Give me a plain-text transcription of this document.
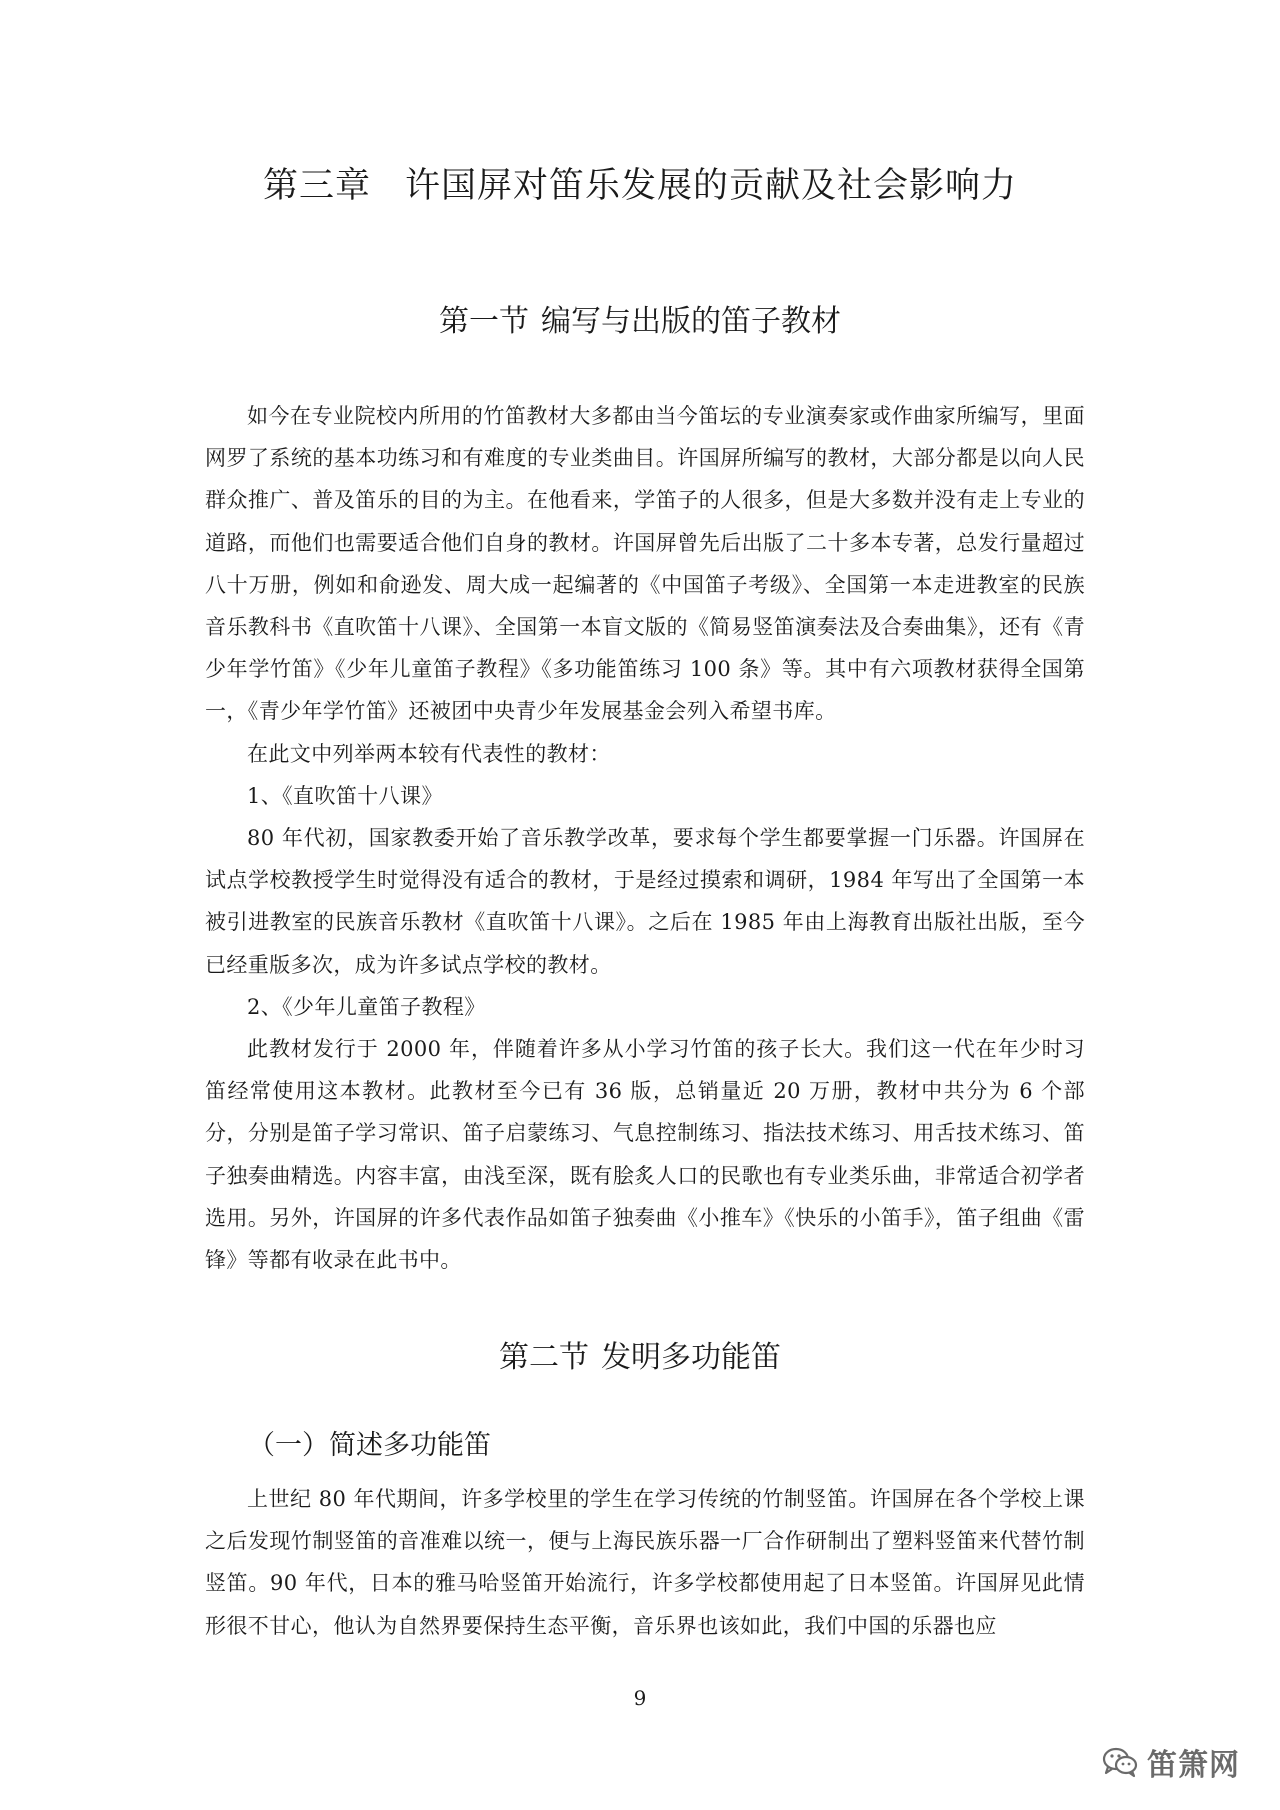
第三章 许国屏对笛乐发展的贡献及社会影响力
第一节 编写与出版的笛子教材

如今在专业院校内所用的竹笛教材大多都由当今笛坛的专业演奏家或作曲家所编写，里面网罗了系统的基本功练习和有难度的专业类曲目。许国屏所编写的教材，大部分都是以向人民群众推广、普及笛乐的目的为主。在他看来，学笛子的人很多，但是大多数并没有走上专业的道路，而他们也需要适合他们自身的教材。许国屏曾先后出版了二十多本专著，总发行量超过八十万册，例如和俞逊发、周大成一起编著的《中国笛子考级》、全国第一本走进教室的民族音乐教科书《直吹笛十八课》、全国第一本盲文版的《简易竖笛演奏法及合奏曲集》，还有《青少年学竹笛》《少年儿童笛子教程》《多功能笛练习 100 条》等。其中有六项教材获得全国第一，《青少年学竹笛》还被团中央青少年发展基金会列入希望书库。

在此文中列举两本较有代表性的教材：

1、《直吹笛十八课》

80 年代初，国家教委开始了音乐教学改革，要求每个学生都要掌握一门乐器。许国屏在试点学校教授学生时觉得没有适合的教材，于是经过摸索和调研，1984 年写出了全国第一本被引进教室的民族音乐教材《直吹笛十八课》。之后在 1985 年由上海教育出版社出版，至今已经重版多次，成为许多试点学校的教材。

2、《少年儿童笛子教程》

此教材发行于 2000 年，伴随着许多从小学习竹笛的孩子长大。我们这一代在年少时习笛经常使用这本教材。此教材至今已有 36 版，总销量近 20 万册，教材中共分为 6 个部分，分别是笛子学习常识、笛子启蒙练习、气息控制练习、指法技术练习、用舌技术练习、笛子独奏曲精选。内容丰富，由浅至深，既有脍炙人口的民歌也有专业类乐曲，非常适合初学者选用。另外，许国屏的许多代表作品如笛子独奏曲《小推车》《快乐的小笛手》，笛子组曲《雷锋》等都有收录在此书中。

第二节 发明多功能笛
（一）简述多功能笛

上世纪 80 年代期间，许多学校里的学生在学习传统的竹制竖笛。许国屏在各个学校上课之后发现竹制竖笛的音准难以统一，便与上海民族乐器一厂合作研制出了塑料竖笛来代替竹制竖笛。90 年代，日本的雅马哈竖笛开始流行，许多学校都使用起了日本竖笛。许国屏见此情形很不甘心，他认为自然界要保持生态平衡，音乐界也该如此，我们中国的乐器也应

9
笛箫网
